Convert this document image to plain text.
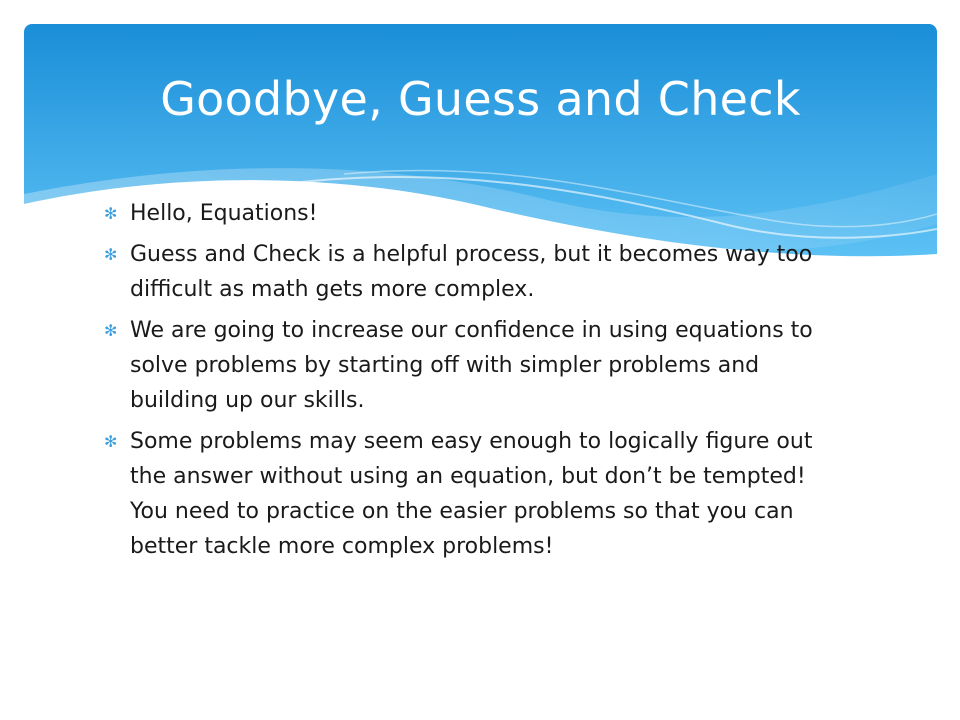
Goodbye, Guess and Check
✻ Hello, Equations!
✻ Guess and Check is a helpful process, but it becomes way too difficult as math gets more complex.
✻ We are going to increase our confidence in using equations to solve problems by starting off with simpler problems and building up our skills.
✻ Some problems may seem easy enough to logically figure out the answer without using an equation, but don’t be tempted! You need to practice on the easier problems so that you can better tackle more complex problems!
